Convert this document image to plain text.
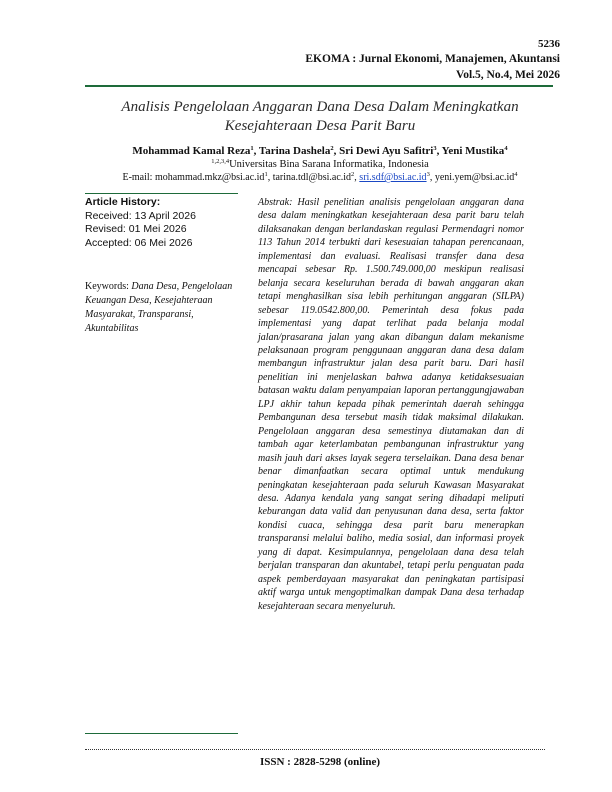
5236
EKOMA : Jurnal Ekonomi, Manajemen, Akuntansi
Vol.5, No.4, Mei 2026
Analisis Pengelolaan Anggaran Dana Desa Dalam Meningkatkan
Kesejahteraan Desa Parit Baru
Mohammad Kamal Reza$^1$, Tarina Dashela$^2$, Sri Dewi Ayu Safitri$^3$, Yeni Mustika$^4$
$^{1,2,3,4}$Universitas Bina Sarana Informatika, Indonesia
E-mail: $mohammad.mkz@bsi.ac.id^1$, $tarina.tdl@bsi.ac.id^2$, $sri.sdf@bsi.ac.id^3$, $yeni.yem@bsi.ac.id^4$
Article History:
Received: 13 April 2026
Revised: 01 Mei 2026
Accepted: 06 Mei 2026
Keywords: Dana Desa, Pengelolaan Keuangan Desa, Kesejahteraan Masyarakat, Transparansi, Akuntabilitas
Abstrak: Hasil penelitian analisis pengelolaan anggaran dana desa dalam meningkatkan kesejahteraan desa parit baru telah dilaksanakan dengan berlandaskan regulasi Permendagri nomor 113 Tahun 2014 terbukti dari kesesuaian tahapan perencanaan, implementasi dan evaluasi. Realisasi transfer dana desa mencapai sebesar Rp. 1.500.749.000,00 meskipun realisasi belanja secara keseluruhan berada di bawah anggaran akan tetapi menghasilkan sisa lebih perhitungan anggaran (SILPA) sebesar 119.0542.800,00. Pemerintah desa fokus pada implementasi yang dapat terlihat pada belanja modal jalan/prasarana jalan yang akan dibangun dalam mekanisme pelaksanaan program penggunaan anggaran dana desa dalam membangun infrastruktur jalan desa parit baru. Dari hasil penelitian ini menjelaskan bahwa adanya ketidaksesuaian batasan waktu dalam penyampaian laporan pertanggungjawaban LPJ akhir tahun kepada pihak pemerintah daerah sehingga Pembangunan desa tersebut masih tidak maksimal dilakukan. Pengelolaan anggaran desa semestinya diutamakan dan di tambah agar keterlambatan pembangunan infrastruktur yang masih jauh dari akses layak segera terselaikan. Dana desa benar benar dimanfaatkan secara optimal untuk mendukung peningkatan kesejahteraan pada seluruh Kawasan Masyarakat desa. Adanya kendala yang sangat sering dihadapi meliputi keburangan data valid dan penyusunan dana desa, serta faktor kondisi cuaca, sehingga desa parit baru menerapkan transparansi melalui baliho, media sosial, dan informasi proyek yang di dapat. Kesimpulannya, pengelolaan dana desa telah berjalan transparan dan akuntabel, tetapi perlu penguatan pada aspek pemberdayaan masyarakat dan peningkatan partisipasi aktif warga untuk mengoptimalkan dampak Dana desa terhadap kesejahteraan secara menyeluruh.
ISSN : 2828-5298 (online)
